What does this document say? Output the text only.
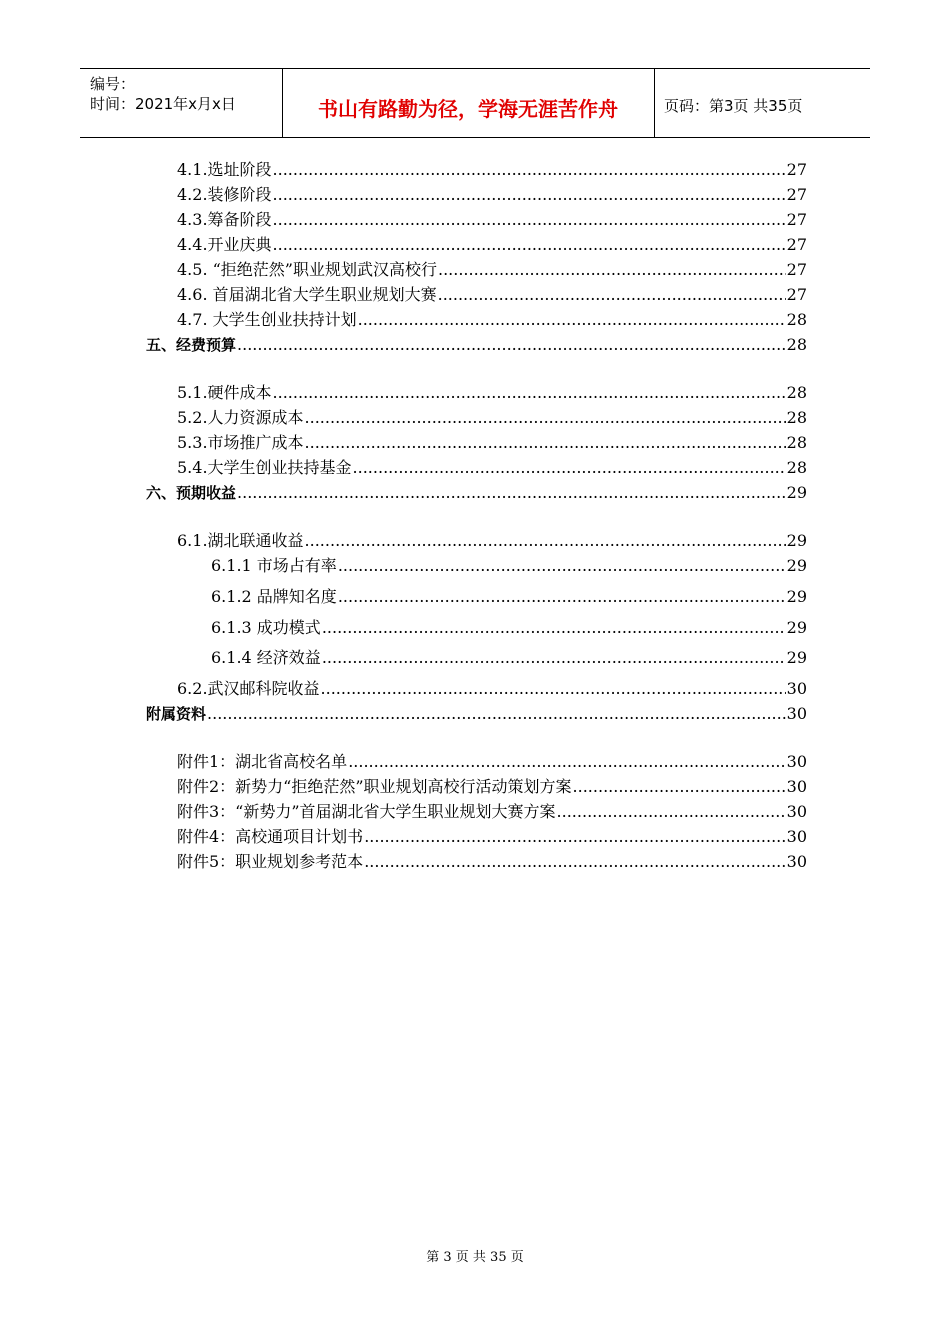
编号：
时间：2021年x月x日	书山有路勤为径，学海无涯苦作舟	页码：第3页 共35页
4.1.选址阶段 .....	27
4.2.装修阶段 .....	27
4.3.筹备阶段 .....	27
4.4.开业庆典 .....	27
4.5. “拒绝茫然”职业规划武汉高校行 .....	27
4.6. 首届湖北省大学生职业规划大赛 .....	27
4.7. 大学生创业扶持计划 .....	28
五、经费预算 .....	28
5.1.硬件成本 .....	28
5.2.人力资源成本 .....	28
5.3.市场推广成本 .....	28
5.4.大学生创业扶持基金 .....	28
六、预期收益 .....	29
6.1.湖北联通收益 .....	29
6.1.1 市场占有率 .....	29
6.1.2 品牌知名度 .....	29
6.1.3 成功模式 .....	29
6.1.4 经济效益 .....	29
6.2.武汉邮科院收益 .....	30
附属资料 .....	30
附件1：湖北省高校名单 .....	30
附件2：新势力“拒绝茫然”职业规划高校行活动策划方案 .....	30
附件3：“新势力”首届湖北省大学生职业规划大赛方案 .....	30
附件4：高校通项目计划书 .....	30
附件5：职业规划参考范本 .....	30
第 3 页 共 35 页
